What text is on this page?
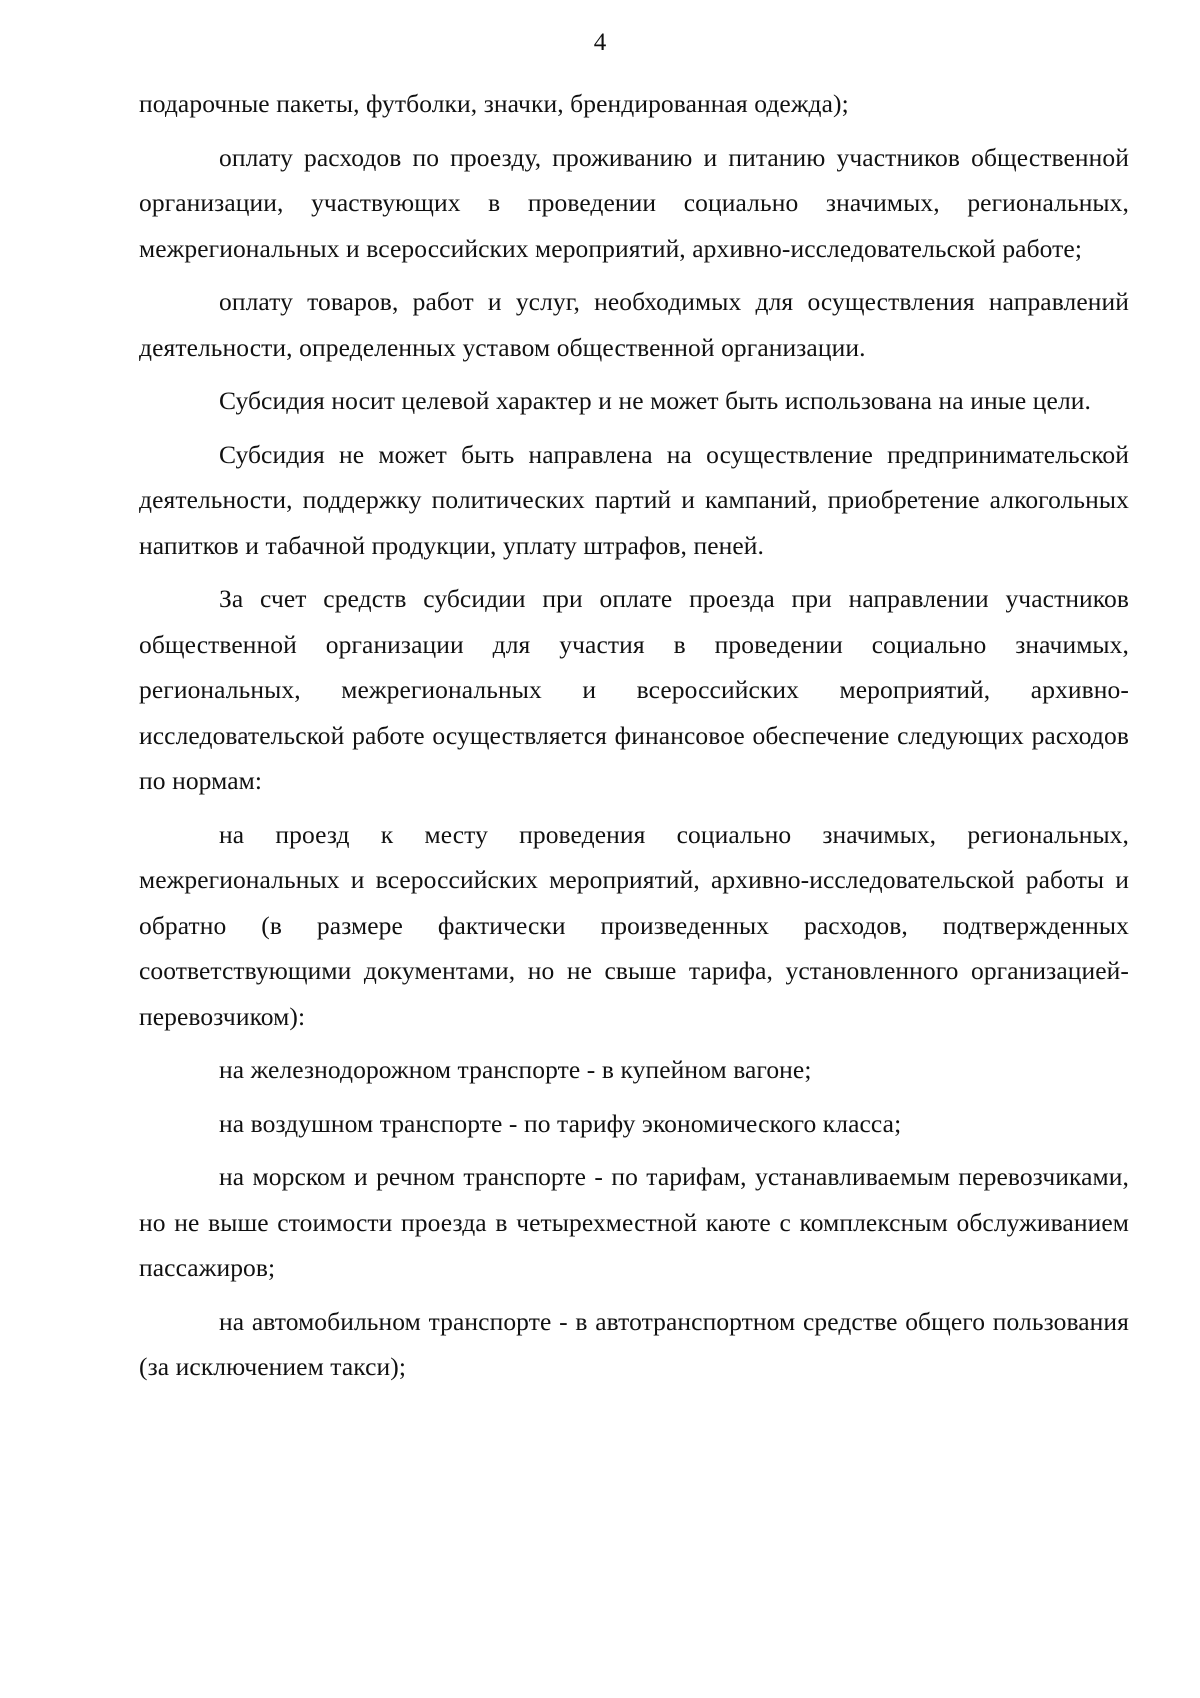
4

подарочные пакеты, футболки, значки, брендированная одежда);

оплату расходов по проезду, проживанию и питанию участников общественной организации, участвующих в проведении социально значимых, региональных, межрегиональных и всероссийских мероприятий, архивно-исследовательской работе;

оплату товаров, работ и услуг, необходимых для осуществления направлений деятельности, определенных уставом общественной организации.

Субсидия носит целевой характер и не может быть использована на иные цели.

Субсидия не может быть направлена на осуществление предпринимательской деятельности, поддержку политических партий и кампаний, приобретение алкогольных напитков и табачной продукции, уплату штрафов, пеней.

За счет средств субсидии при оплате проезда при направлении участников общественной организации для участия в проведении социально значимых, региональных, межрегиональных и всероссийских мероприятий, архивно-исследовательской работе осуществляется финансовое обеспечение следующих расходов по нормам:

на проезд к месту проведения социально значимых, региональных, межрегиональных и всероссийских мероприятий, архивно-исследовательской работы и обратно (в размере фактически произведенных расходов, подтвержденных соответствующими документами, но не свыше тарифа, установленного организацией-перевозчиком):

на железнодорожном транспорте - в купейном вагоне;

на воздушном транспорте - по тарифу экономического класса;

на морском и речном транспорте - по тарифам, устанавливаемым перевозчиками, но не выше стоимости проезда в четырехместной каюте с комплексным обслуживанием пассажиров;

на автомобильном транспорте - в автотранспортном средстве общего пользования (за исключением такси);
